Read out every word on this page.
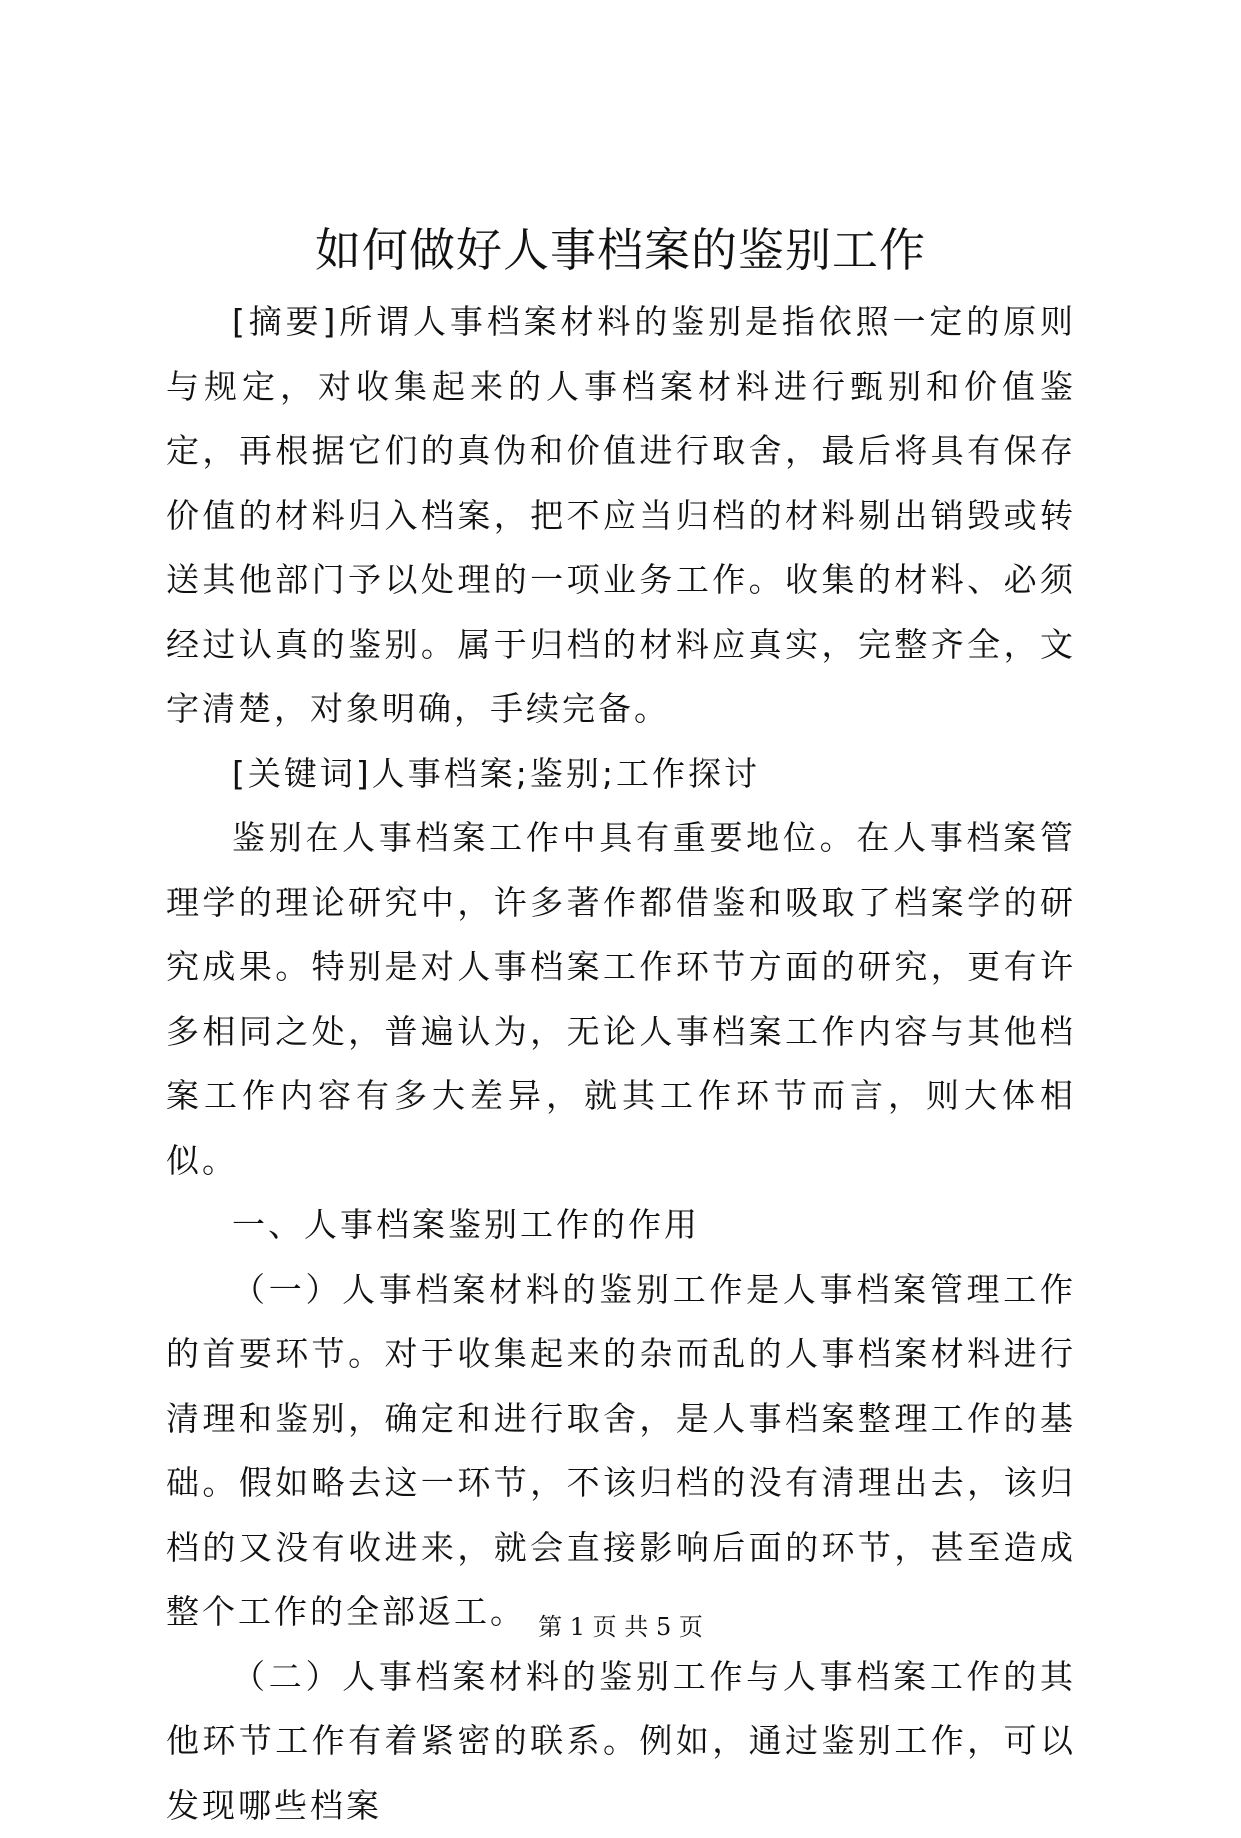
如何做好人事档案的鉴别工作

[摘要]所谓人事档案材料的鉴别是指依照一定的原则与规定，对收集起来的人事档案材料进行甄别和价值鉴定，再根据它们的真伪和价值进行取舍，最后将具有保存价值的材料归入档案，把不应当归档的材料剔出销毁或转送其他部门予以处理的一项业务工作。收集的材料、必须经过认真的鉴别。属于归档的材料应真实，完整齐全，文字清楚，对象明确，手续完备。

[关键词]人事档案;鉴别;工作探讨

鉴别在人事档案工作中具有重要地位。在人事档案管理学的理论研究中，许多著作都借鉴和吸取了档案学的研究成果。特别是对人事档案工作环节方面的研究，更有许多相同之处，普遍认为，无论人事档案工作内容与其他档案工作内容有多大差异，就其工作环节而言，则大体相似。

一、人事档案鉴别工作的作用

（一）人事档案材料的鉴别工作是人事档案管理工作的首要环节。对于收集起来的杂而乱的人事档案材料进行清理和鉴别，确定和进行取舍，是人事档案整理工作的基础。假如略去这一环节，不该归档的没有清理出去，该归档的又没有收进来，就会直接影响后面的环节，甚至造成整个工作的全部返工。

（二）人事档案材料的鉴别工作与人事档案工作的其他环节工作有着紧密的联系。例如，通过鉴别工作，可以发现哪些档案

第 1 页 共 5 页
